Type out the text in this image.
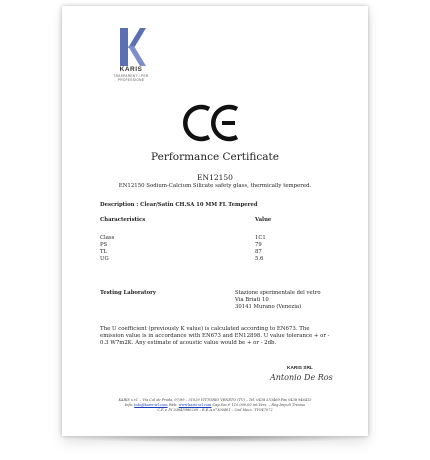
KARIS
TRASPARENT / PER PROFESSIONE
Performance Certificate
EN12150
EN12150 Sodium-Calcium Silicate safety glass, thermically tempered.
Description : Clear/Satin CH.SA 10 MM FL Tempered
Characteristics	Value
Class	1C1
PS	79
TL	87
UG	5.6
Testing Laboratory	Stazione sperimentale del vetro
Via Briati 10
30141 Murano (Venezia)
The U coefficient (previously K value) is calculated according to EN673. The emission value is in accordance with EN673 and EN12898. U value tolerance + or - 0.3 W7m2K. Any estimate of acoustic value would be + or - 2db.
KARIS SRL
Antonio De Ros
KARIS s.r.l. – Via Col de Prada, 97/99 – 31029 VITTORIO VENETO (TV) – Tel. 0438 553469 Fax 0438 946413
Info: info@karis-srl.com Web: www.karis-srl.com Cap.Soc.€ 110.000,00 int.Vers. – Reg.Imp.di Treviso
C.F. e P.I.03845980269 – R.E.A.n°300461 – Cod.Mecc. TV047072
